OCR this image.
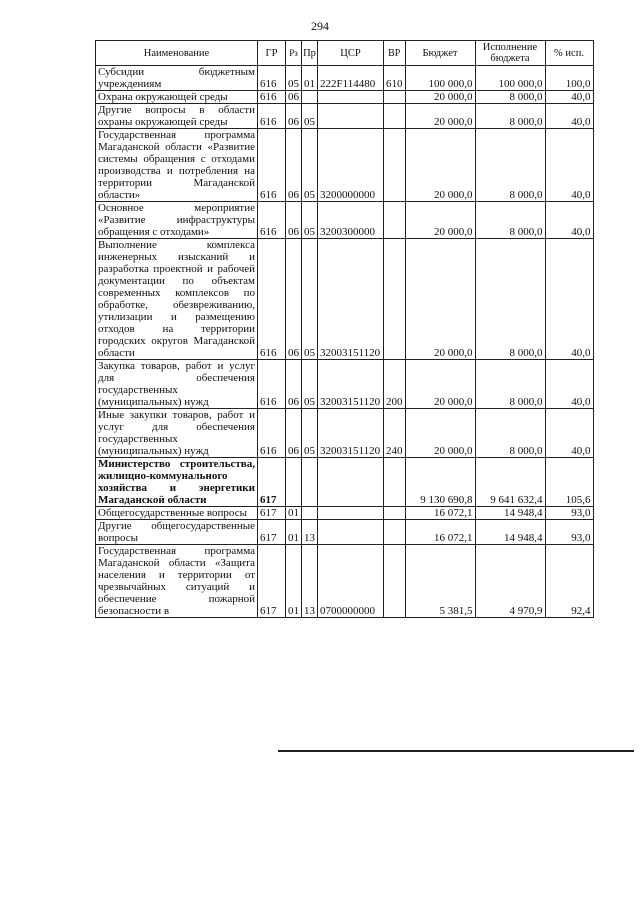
294
Наименование	ГР	Рз	Пр	ЦСР	ВР	Бюджет	Исполнение бюджета	% исп.
Субсидии бюджетным учреждениям	616	05	01	222F114480	610	100 000,0	100 000,0	100,0
Охрана окружающей среды	616	06				20 000,0	8 000,0	40,0
Другие вопросы в области охраны окружающей среды	616	06	05			20 000,0	8 000,0	40,0
Государственная программа Магаданской области «Развитие системы обращения с отходами производства и потребления на территории Магаданской области»	616	06	05	3200000000		20 000,0	8 000,0	40,0
Основное мероприятие «Развитие инфраструктуры обращения с отходами»	616	06	05	3200300000		20 000,0	8 000,0	40,0
Выполнение комплекса инженерных изысканий и разработка проектной и рабочей документации по объектам современных комплексов по обработке, обезвреживанию, утилизации и размещению отходов на территории городских округов Магаданской области	616	06	05	32003151120		20 000,0	8 000,0	40,0
Закупка товаров, работ и услуг для обеспечения государственных (муниципальных) нужд	616	06	05	32003151120	200	20 000,0	8 000,0	40,0
Иные закупки товаров, работ и услуг для обеспечения государственных (муниципальных) нужд	616	06	05	32003151120	240	20 000,0	8 000,0	40,0
Министерство строительства, жилищно-коммунального хозяйства и энергетики Магаданской области	617					9 130 690,8	9 641 632,4	105,6
Общегосударственные вопросы	617	01				16 072,1	14 948,4	93,0
Другие общегосударственные вопросы	617	01	13			16 072,1	14 948,4	93,0
Государственная программа Магаданской области «Защита населения и территории от чрезвычайных ситуаций и обеспечение пожарной безопасности в	617	01	13	0700000000		5 381,5	4 970,9	92,4
